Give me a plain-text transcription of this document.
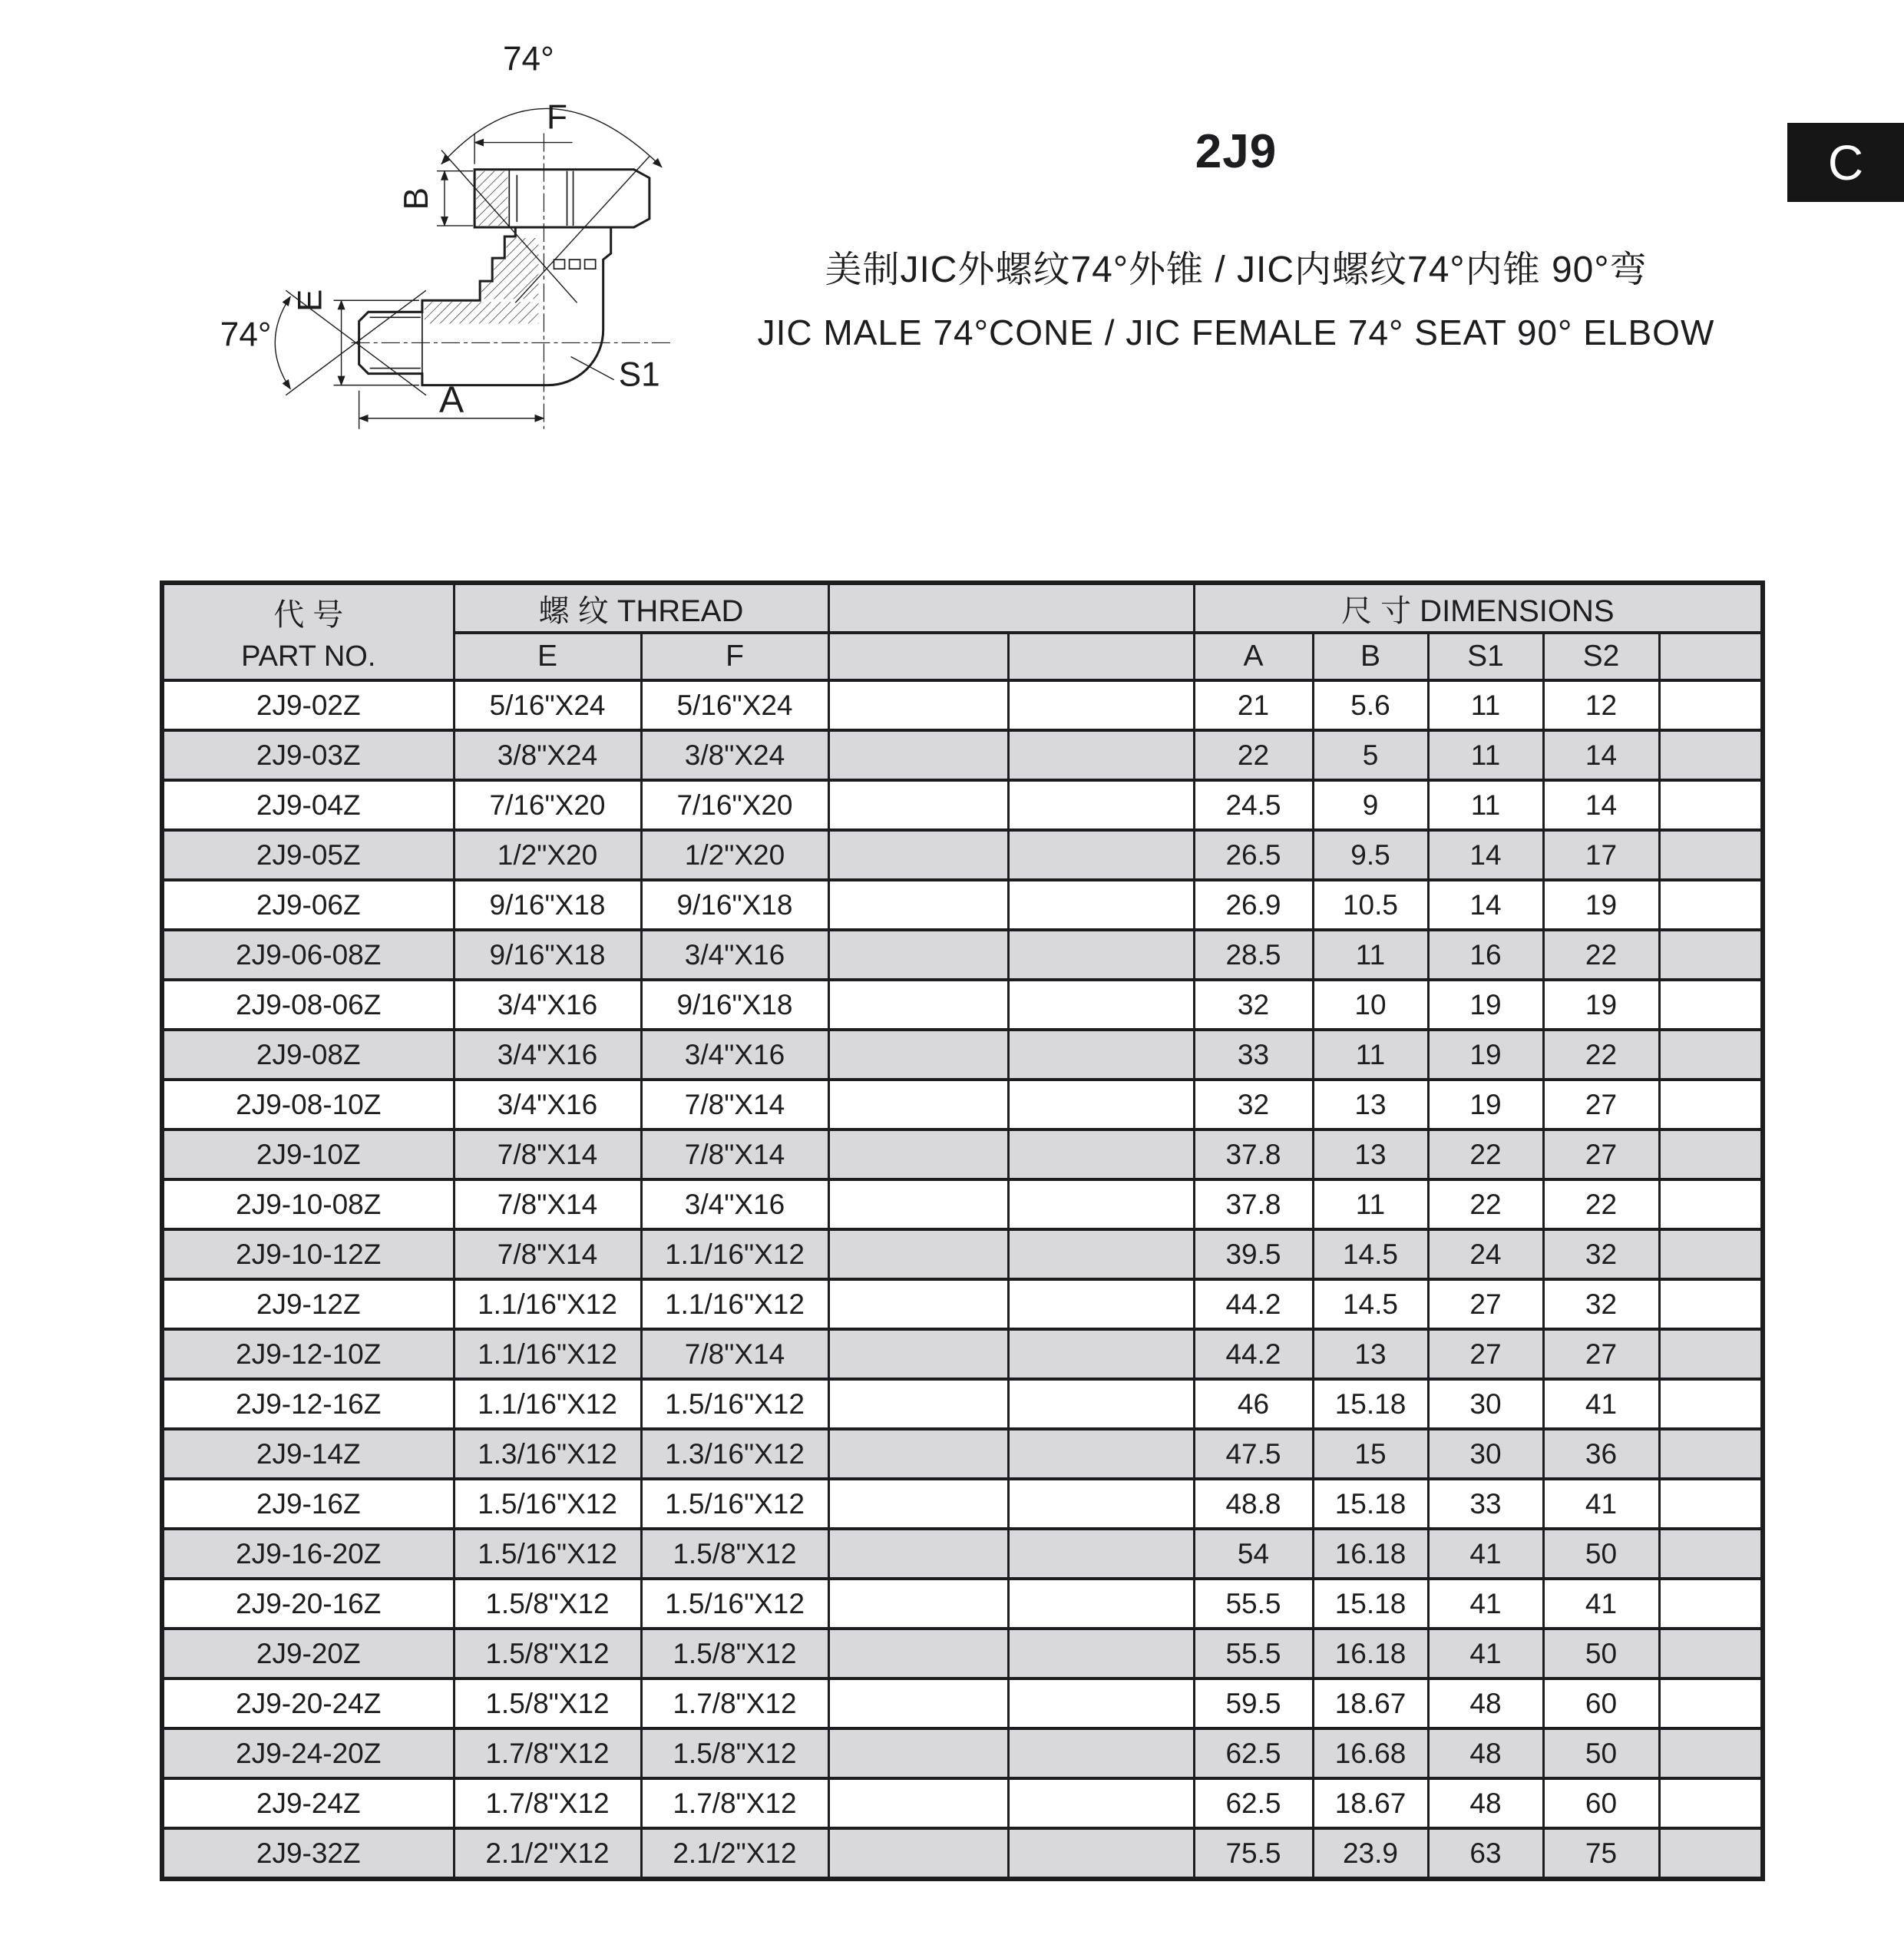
74°
F
B
E
74°
S1
A
2J9
美制JIC外螺纹74°外锥 / JIC内螺纹74°内锥 90°弯
JIC MALE 74°CONE / JIC FEMALE 74° SEAT 90° ELBOW
C
代 号
PART NO.	螺 纹 THREAD				尺 寸 DIMENSIONS				
	E	F			A	B	S1	S2	
2J9-02Z	5/16"X24	5/16"X24			21	5.6	11	12	
2J9-03Z	3/8"X24	3/8"X24			22	5	11	14	
2J9-04Z	7/16"X20	7/16"X20			24.5	9	11	14	
2J9-05Z	1/2"X20	1/2"X20			26.5	9.5	14	17	
2J9-06Z	9/16"X18	9/16"X18			26.9	10.5	14	19	
2J9-06-08Z	9/16"X18	3/4"X16			28.5	11	16	22	
2J9-08-06Z	3/4"X16	9/16"X18			32	10	19	19	
2J9-08Z	3/4"X16	3/4"X16			33	11	19	22	
2J9-08-10Z	3/4"X16	7/8"X14			32	13	19	27	
2J9-10Z	7/8"X14	7/8"X14			37.8	13	22	27	
2J9-10-08Z	7/8"X14	3/4"X16			37.8	11	22	22	
2J9-10-12Z	7/8"X14	1.1/16"X12			39.5	14.5	24	32	
2J9-12Z	1.1/16"X12	1.1/16"X12			44.2	14.5	27	32	
2J9-12-10Z	1.1/16"X12	7/8"X14			44.2	13	27	27	
2J9-12-16Z	1.1/16"X12	1.5/16"X12			46	15.18	30	41	
2J9-14Z	1.3/16"X12	1.3/16"X12			47.5	15	30	36	
2J9-16Z	1.5/16"X12	1.5/16"X12			48.8	15.18	33	41	
2J9-16-20Z	1.5/16"X12	1.5/8"X12			54	16.18	41	50	
2J9-20-16Z	1.5/8"X12	1.5/16"X12			55.5	15.18	41	41	
2J9-20Z	1.5/8"X12	1.5/8"X12			55.5	16.18	41	50	
2J9-20-24Z	1.5/8"X12	1.7/8"X12			59.5	18.67	48	60	
2J9-24-20Z	1.7/8"X12	1.5/8"X12			62.5	16.68	48	50	
2J9-24Z	1.7/8"X12	1.7/8"X12			62.5	18.67	48	60	
2J9-32Z	2.1/2"X12	2.1/2"X12			75.5	23.9	63	75	
